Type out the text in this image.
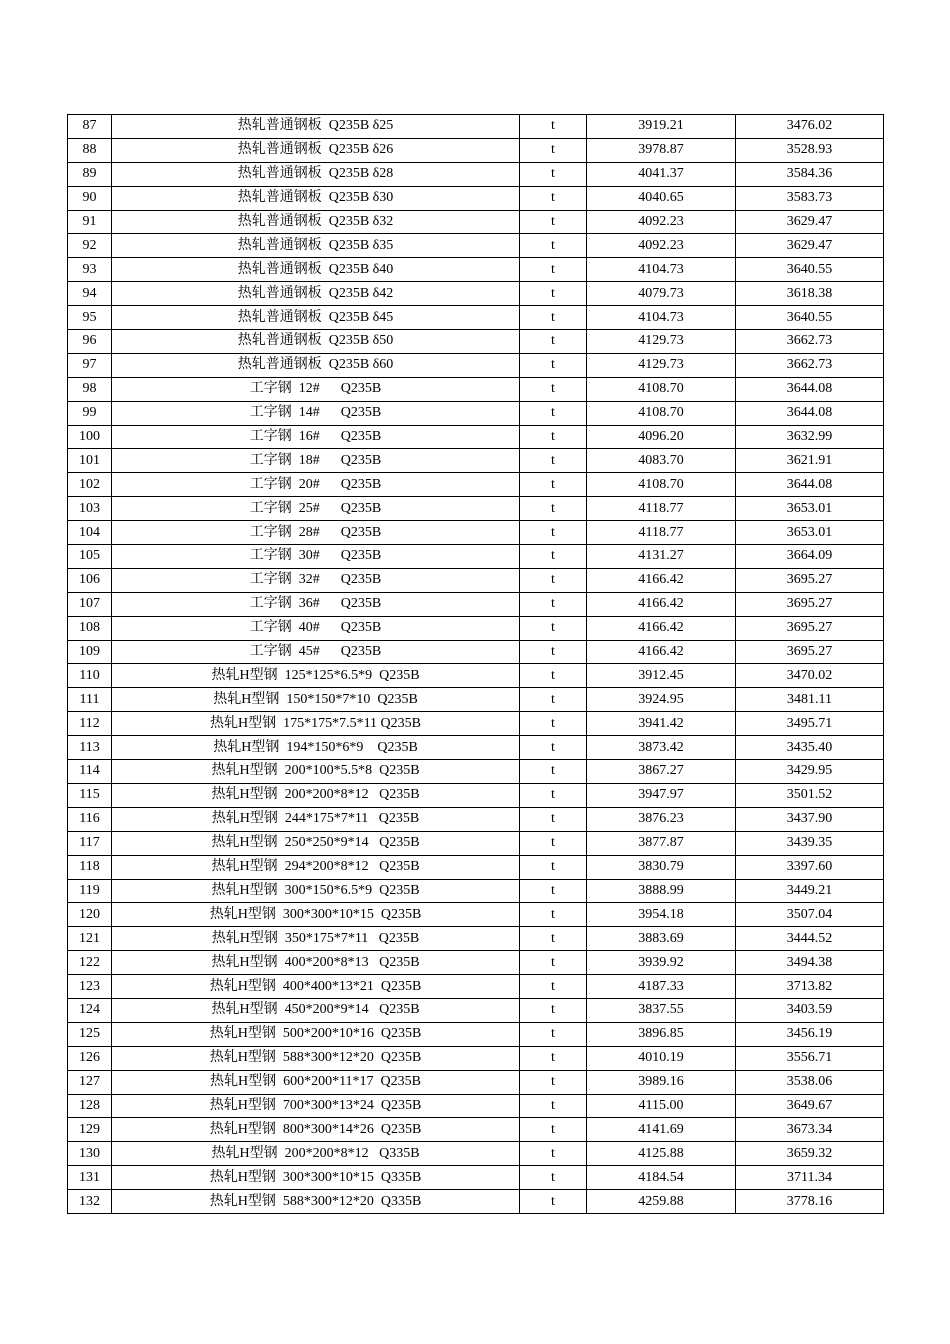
87	热轧普通钢板  Q235B δ25	t	3919.21	3476.02
88	热轧普通钢板  Q235B δ26	t	3978.87	3528.93
89	热轧普通钢板  Q235B δ28	t	4041.37	3584.36
90	热轧普通钢板  Q235B δ30	t	4040.65	3583.73
91	热轧普通钢板  Q235B δ32	t	4092.23	3629.47
92	热轧普通钢板  Q235B δ35	t	4092.23	3629.47
93	热轧普通钢板  Q235B δ40	t	4104.73	3640.55
94	热轧普通钢板  Q235B δ42	t	4079.73	3618.38
95	热轧普通钢板  Q235B δ45	t	4104.73	3640.55
96	热轧普通钢板  Q235B δ50	t	4129.73	3662.73
97	热轧普通钢板  Q235B δ60	t	4129.73	3662.73
98	工字钢  12#      Q235B	t	4108.70	3644.08
99	工字钢  14#      Q235B	t	4108.70	3644.08
100	工字钢  16#      Q235B	t	4096.20	3632.99
101	工字钢  18#      Q235B	t	4083.70	3621.91
102	工字钢  20#      Q235B	t	4108.70	3644.08
103	工字钢  25#      Q235B	t	4118.77	3653.01
104	工字钢  28#      Q235B	t	4118.77	3653.01
105	工字钢  30#      Q235B	t	4131.27	3664.09
106	工字钢  32#      Q235B	t	4166.42	3695.27
107	工字钢  36#      Q235B	t	4166.42	3695.27
108	工字钢  40#      Q235B	t	4166.42	3695.27
109	工字钢  45#      Q235B	t	4166.42	3695.27
110	热轧H型钢  125*125*6.5*9  Q235B	t	3912.45	3470.02
111	热轧H型钢  150*150*7*10  Q235B	t	3924.95	3481.11
112	热轧H型钢  175*175*7.5*11 Q235B	t	3941.42	3495.71
113	热轧H型钢  194*150*6*9    Q235B	t	3873.42	3435.40
114	热轧H型钢  200*100*5.5*8  Q235B	t	3867.27	3429.95
115	热轧H型钢  200*200*8*12   Q235B	t	3947.97	3501.52
116	热轧H型钢  244*175*7*11   Q235B	t	3876.23	3437.90
117	热轧H型钢  250*250*9*14   Q235B	t	3877.87	3439.35
118	热轧H型钢  294*200*8*12   Q235B	t	3830.79	3397.60
119	热轧H型钢  300*150*6.5*9  Q235B	t	3888.99	3449.21
120	热轧H型钢  300*300*10*15  Q235B	t	3954.18	3507.04
121	热轧H型钢  350*175*7*11   Q235B	t	3883.69	3444.52
122	热轧H型钢  400*200*8*13   Q235B	t	3939.92	3494.38
123	热轧H型钢  400*400*13*21  Q235B	t	4187.33	3713.82
124	热轧H型钢  450*200*9*14   Q235B	t	3837.55	3403.59
125	热轧H型钢  500*200*10*16  Q235B	t	3896.85	3456.19
126	热轧H型钢  588*300*12*20  Q235B	t	4010.19	3556.71
127	热轧H型钢  600*200*11*17  Q235B	t	3989.16	3538.06
128	热轧H型钢  700*300*13*24  Q235B	t	4115.00	3649.67
129	热轧H型钢  800*300*14*26  Q235B	t	4141.69	3673.34
130	热轧H型钢  200*200*8*12   Q335B	t	4125.88	3659.32
131	热轧H型钢  300*300*10*15  Q335B	t	4184.54	3711.34
132	热轧H型钢  588*300*12*20  Q335B	t	4259.88	3778.16
